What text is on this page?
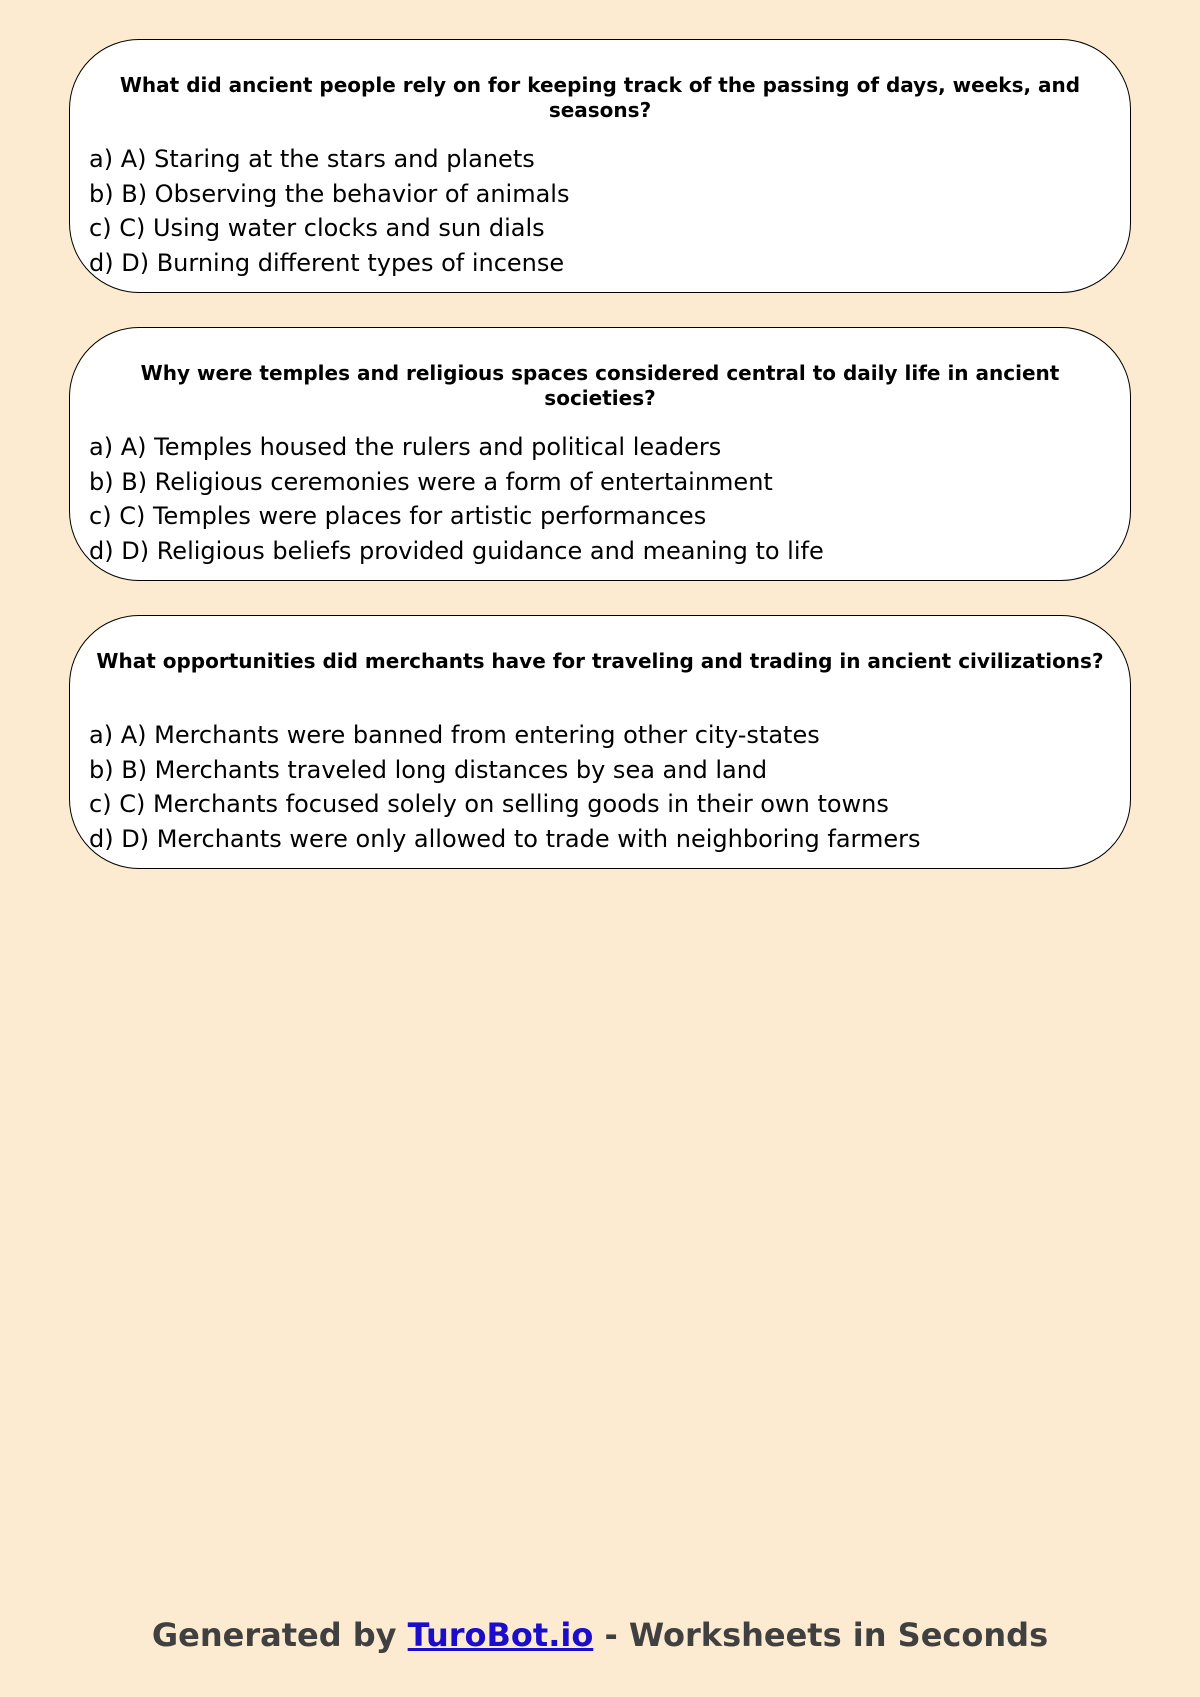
What did ancient people rely on for keeping track of the passing of days, weeks, and seasons?

a) A) Staring at the stars and planets
b) B) Observing the behavior of animals
c) C) Using water clocks and sun dials
d) D) Burning different types of incense

Why were temples and religious spaces considered central to daily life in ancient societies?

a) A) Temples housed the rulers and political leaders
b) B) Religious ceremonies were a form of entertainment
c) C) Temples were places for artistic performances
d) D) Religious beliefs provided guidance and meaning to life

What opportunities did merchants have for traveling and trading in ancient civilizations?

a) A) Merchants were banned from entering other city-states
b) B) Merchants traveled long distances by sea and land
c) C) Merchants focused solely on selling goods in their own towns
d) D) Merchants were only allowed to trade with neighboring farmers
Generated by TuroBot.io - Worksheets in Seconds
